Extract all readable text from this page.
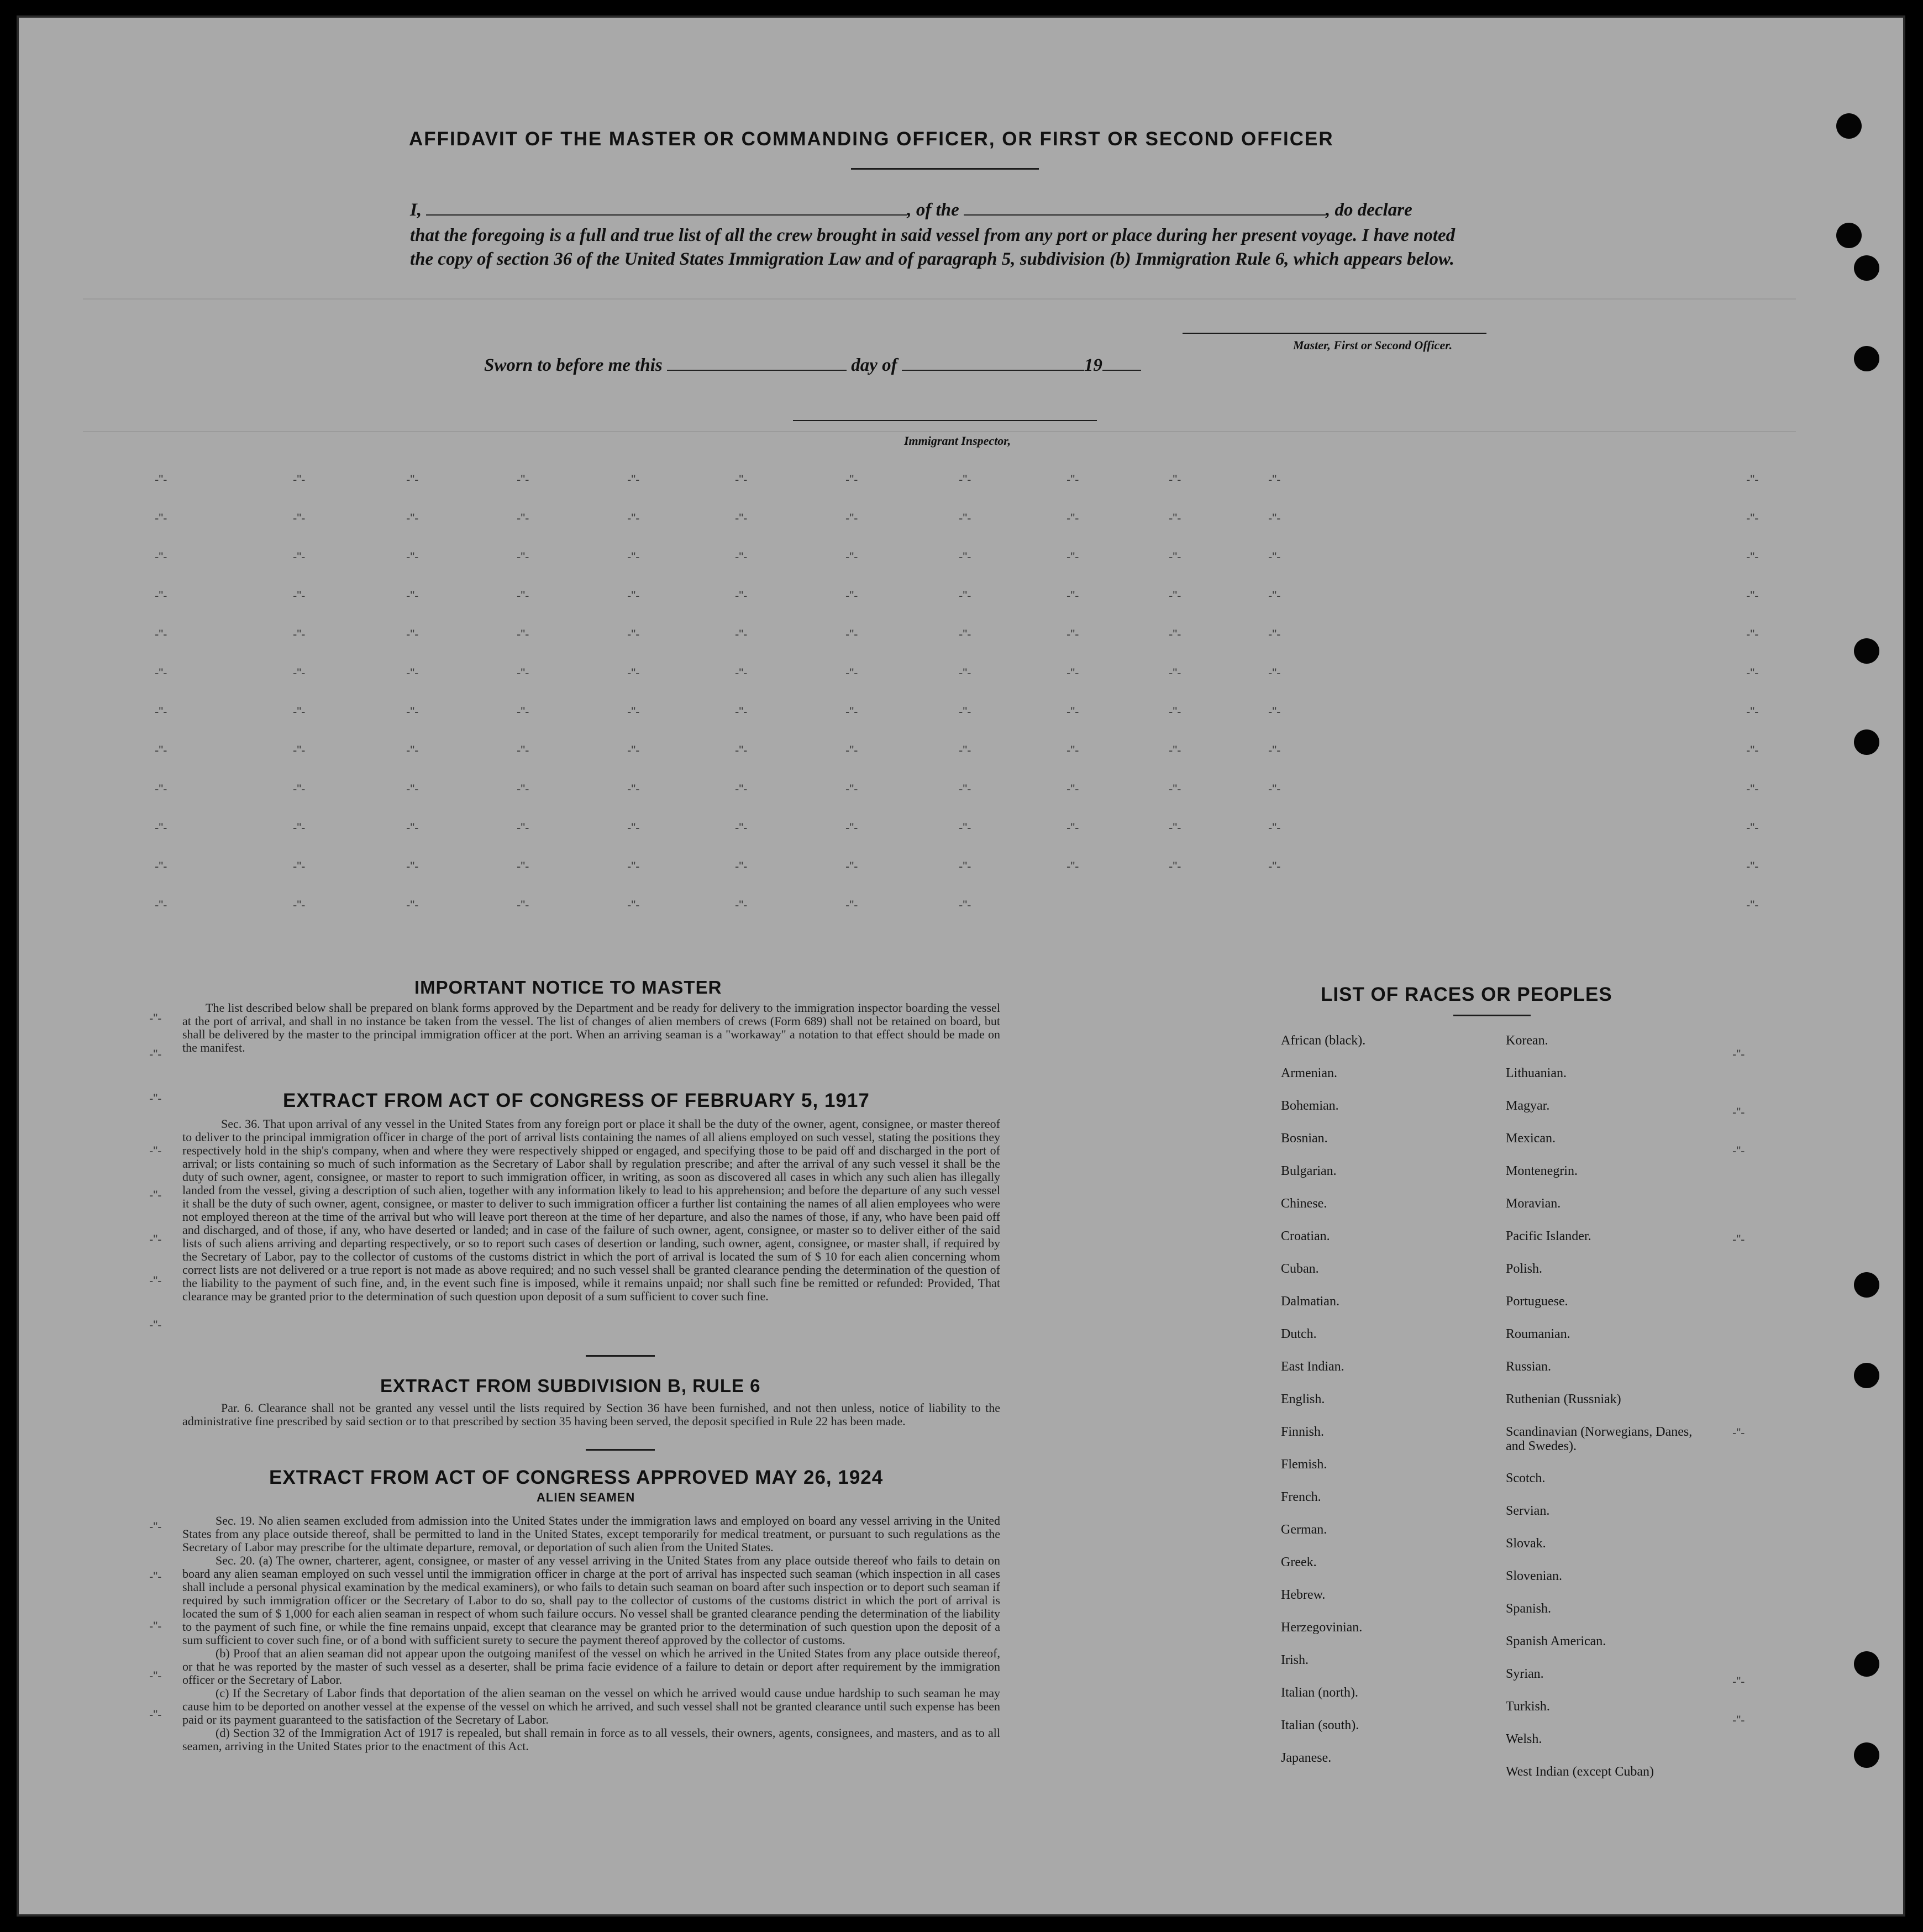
AFFIDAVIT OF THE MASTER OR COMMANDING OFFICER, OR FIRST OR SECOND OFFICER
I,	, of the	, do declare
that the foregoing is a full and true list of all the crew brought in said vessel from any port or place during her present voyage. I have noted the copy of section 36 of the United States Immigration Law and of paragraph 5, subdivision (b) Immigration Rule 6, which appears below.
Master, First or Second Officer.
Sworn to before me this	day of	19
Immigrant Inspector,
-"-	-"-	-"-	-"-	-"-	-"-	-"-	-"-	-"-	-"-	-"-	-"-
-"-	-"-	-"-	-"-	-"-	-"-	-"-	-"-	-"-	-"-	-"-	-"-
-"-	-"-	-"-	-"-	-"-	-"-	-"-	-"-	-"-	-"-	-"-	-"-
-"-	-"-	-"-	-"-	-"-	-"-	-"-	-"-	-"-	-"-	-"-	-"-
-"-	-"-	-"-	-"-	-"-	-"-	-"-	-"-	-"-	-"-	-"-	-"-
-"-	-"-	-"-	-"-	-"-	-"-	-"-	-"-	-"-	-"-	-"-	-"-
-"-	-"-	-"-	-"-	-"-	-"-	-"-	-"-	-"-	-"-	-"-	-"-
-"-	-"-	-"-	-"-	-"-	-"-	-"-	-"-	-"-	-"-	-"-	-"-
-"-	-"-	-"-	-"-	-"-	-"-	-"-	-"-	-"-	-"-	-"-	-"-
-"-	-"-	-"-	-"-	-"-	-"-	-"-	-"-	-"-	-"-	-"-	-"-
-"-	-"-	-"-	-"-	-"-	-"-	-"-	-"-	-"-	-"-	-"-	-"-
-"-	-"-	-"-	-"-	-"-	-"-	-"-	-"-	-"-
-"-
-"-
-"-
-"-
-"-
-"-
-"-
-"-
-"-
-"-
-"-
-"-
-"-
-"-
-"-
-"-
-"-
-"-
-"-
-"-
IMPORTANT NOTICE TO MASTER
The list described below shall be prepared on blank forms approved by the Department and be ready for delivery to the immigration inspector boarding the vessel at the port of arrival, and shall in no instance be taken from the vessel. The list of changes of alien members of crews (Form 689) shall not be retained on board, but shall be delivered by the master to the principal immigration officer at the port. When an arriving seaman is a "workaway" a notation to that effect should be made on the manifest.
EXTRACT FROM ACT OF CONGRESS OF FEBRUARY 5, 1917
Sec. 36. That upon arrival of any vessel in the United States from any foreign port or place it shall be the duty of the owner, agent, consignee, or master thereof to deliver to the principal immigration officer in charge of the port of arrival lists containing the names of all aliens employed on such vessel, stating the positions they respectively hold in the ship's company, when and where they were respectively shipped or engaged, and specifying those to be paid off and discharged in the port of arrival; or lists containing so much of such information as the Secretary of Labor shall by regulation prescribe; and after the arrival of any such vessel it shall be the duty of such owner, agent, consignee, or master to report to such immigration officer, in writing, as soon as discovered all cases in which any such alien has illegally landed from the vessel, giving a description of such alien, together with any information likely to lead to his apprehension; and before the departure of any such vessel it shall be the duty of such owner, agent, consignee, or master to deliver to such immigration officer a further list containing the names of all alien employees who were not employed thereon at the time of the arrival but who will leave port thereon at the time of her departure, and also the names of those, if any, who have been paid off and discharged, and of those, if any, who have deserted or landed; and in case of the failure of such owner, agent, consignee, or master so to deliver either of the said lists of such aliens arriving and departing respectively, or so to report such cases of desertion or landing, such owner, agent, consignee, or master shall, if required by the Secretary of Labor, pay to the collector of customs of the customs district in which the port of arrival is located the sum of $ 10 for each alien concerning whom correct lists are not delivered or a true report is not made as above required; and no such vessel shall be granted clearance pending the determination of the question of the liability to the payment of such fine, and, in the event such fine is imposed, while it remains unpaid; nor shall such fine be remitted or refunded: Provided, That clearance may be granted prior to the determination of such question upon deposit of a sum sufficient to cover such fine.
EXTRACT FROM SUBDIVISION B, RULE 6
Par. 6. Clearance shall not be granted any vessel until the lists required by Section 36 have been furnished, and not then unless, notice of liability to the administrative fine prescribed by said section or to that prescribed by section 35 having been served, the deposit specified in Rule 22 has been made.
EXTRACT FROM ACT OF CONGRESS APPROVED MAY 26, 1924
ALIEN SEAMEN
Sec. 19. No alien seamen excluded from admission into the United States under the immigration laws and employed on board any vessel arriving in the United States from any place outside thereof, shall be permitted to land in the United States, except temporarily for medical treatment, or pursuant to such regulations as the Secretary of Labor may prescribe for the ultimate departure, removal, or deportation of such alien from the United States.
Sec. 20. (a) The owner, charterer, agent, consignee, or master of any vessel arriving in the United States from any place outside thereof who fails to detain on board any alien seaman employed on such vessel until the immigration officer in charge at the port of arrival has inspected such seaman (which inspection in all cases shall include a personal physical examination by the medical examiners), or who fails to detain such seaman on board after such inspection or to deport such seaman if required by such immigration officer or the Secretary of Labor to do so, shall pay to the collector of customs of the customs district in which the port of arrival is located the sum of $ 1,000 for each alien seaman in respect of whom such failure occurs. No vessel shall be granted clearance pending the determination of the liability to the payment of such fine, or while the fine remains unpaid, except that clearance may be granted prior to the determination of such question upon the deposit of a sum sufficient to cover such fine, or of a bond with sufficient surety to secure the payment thereof approved by the collector of customs.
(b) Proof that an alien seaman did not appear upon the outgoing manifest of the vessel on which he arrived in the United States from any place outside thereof, or that he was reported by the master of such vessel as a deserter, shall be prima facie evidence of a failure to detain or deport after requirement by the immigration officer or the Secretary of Labor.
(c) If the Secretary of Labor finds that deportation of the alien seaman on the vessel on which he arrived would cause undue hardship to such seaman he may cause him to be deported on another vessel at the expense of the vessel on which he arrived, and such vessel shall not be granted clearance until such expense has been paid or its payment guaranteed to the satisfaction of the Secretary of Labor.
(d) Section 32 of the Immigration Act of 1917 is repealed, but shall remain in force as to all vessels, their owners, agents, consignees, and masters, and as to all seamen, arriving in the United States prior to the enactment of this Act.
LIST OF RACES OR PEOPLES
African (black).
Armenian.
Bohemian.
Bosnian.
Bulgarian.
Chinese.
Croatian.
Cuban.
Dalmatian.
Dutch.
East Indian.
English.
Finnish.
Flemish.
French.
German.
Greek.
Hebrew.
Herzegovinian.
Irish.
Italian (north).
Italian (south).
Japanese.
Korean.
Lithuanian.
Magyar.
Mexican.
Montenegrin.
Moravian.
Pacific Islander.
Polish.
Portuguese.
Roumanian.
Russian.
Ruthenian (Russniak)
Scandinavian (Norwegians, Danes, and Swedes).
Scotch.
Servian.
Slovak.
Slovenian.
Spanish.
Spanish American.
Syrian.
Turkish.
Welsh.
West Indian (except Cuban)
